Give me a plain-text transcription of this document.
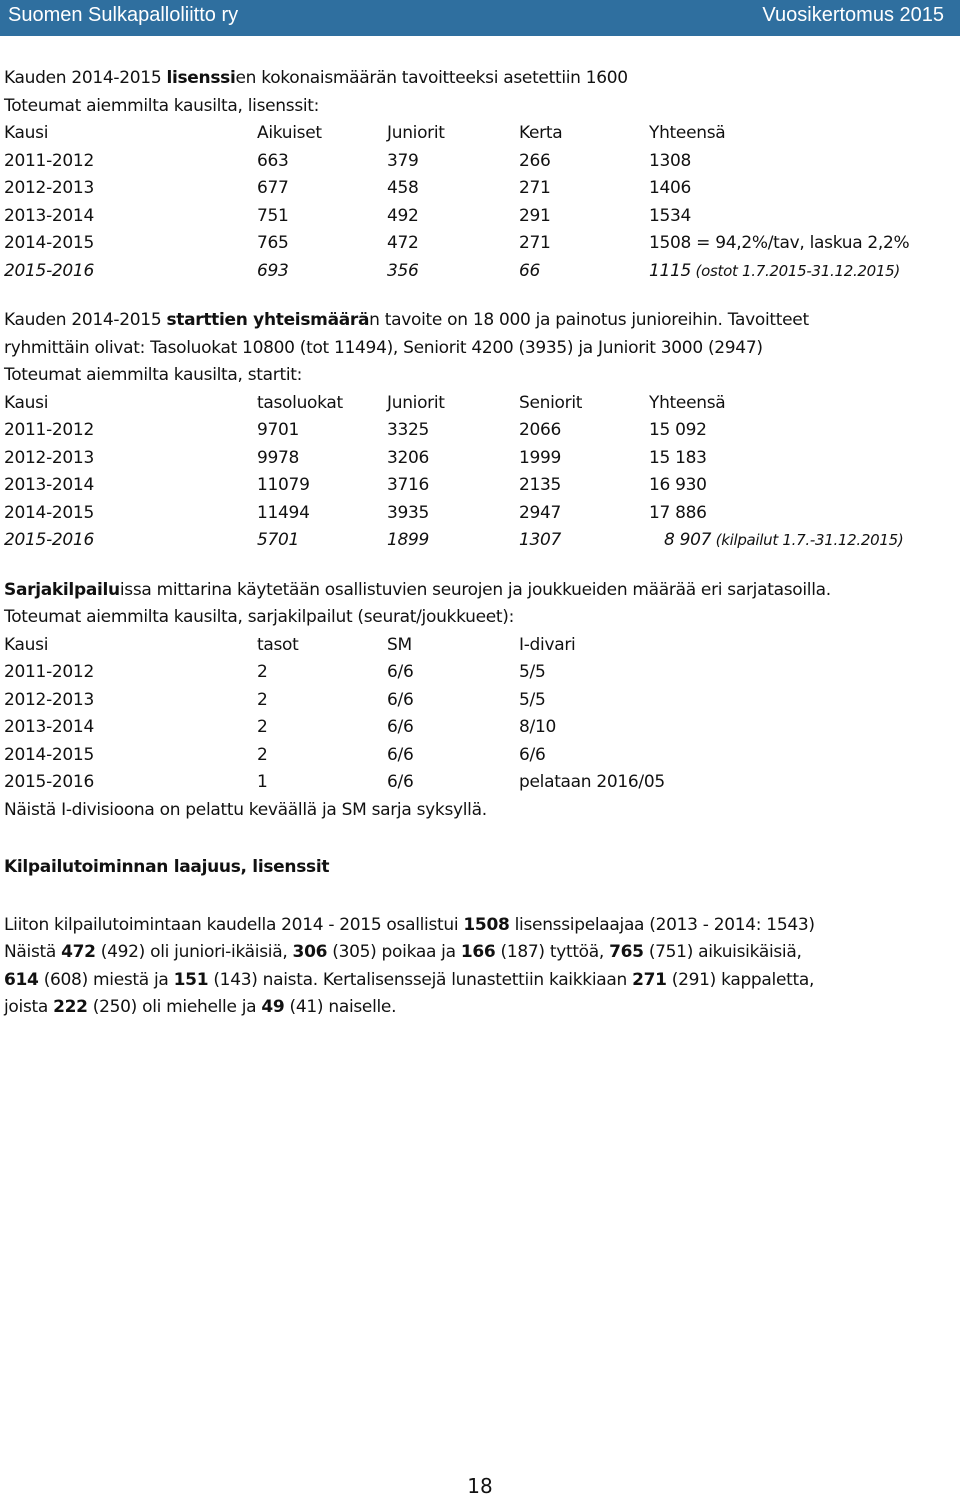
Suomen Sulkapalloliitto ry	Vuosikertomus 2015
Kauden 2014-2015 lisenssien kokonaismäärän tavoitteeksi asetettiin 1600
Toteumat aiemmilta kausilta, lisenssit:
Kausi	Aikuiset	Juniorit	Kerta	Yhteensä
2011-2012	663	379	266	1308
2012-2013	677	458	271	1406
2013-2014	751	492	291	1534
2014-2015	765	472	271	1508 = 94,2%/tav, laskua 2,2%
2015-2016	693	356	66	1115 (ostot 1.7.2015-31.12.2015)
Kauden 2014-2015 starttien yhteismäärän tavoite on 18 000 ja painotus junioreihin. Tavoitteet
ryhmittäin olivat: Tasoluokat 10800 (tot 11494), Seniorit 4200 (3935) ja Juniorit 3000 (2947)
Toteumat aiemmilta kausilta, startit:
Kausi	tasoluokat	Juniorit	Seniorit	Yhteensä
2011-2012	9701	3325	2066	15 092
2012-2013	9978	3206	1999	15 183
2013-2014	11079	3716	2135	16 930
2014-2015	11494	3935	2947	17 886
2015-2016	5701	1899	1307	8 907 (kilpailut 1.7.-31.12.2015)
Sarjakilpailuissa mittarina käytetään osallistuvien seurojen ja joukkueiden määrää eri sarjatasoilla.
Toteumat aiemmilta kausilta, sarjakilpailut (seurat/joukkueet):
Kausi	tasot	SM	I-divari
2011-2012	2	6/6	5/5
2012-2013	2	6/6	5/5
2013-2014	2	6/6	8/10
2014-2015	2	6/6	6/6
2015-2016	1	6/6	pelataan 2016/05
Näistä I-divisioona on pelattu keväällä ja SM sarja syksyllä.
Kilpailutoiminnan laajuus, lisenssit
Liiton kilpailutoimintaan kaudella 2014 - 2015 osallistui 1508 lisenssipelaajaa (2013 - 2014: 1543)
Näistä 472 (492) oli juniori-ikäisiä, 306 (305) poikaa ja 166 (187) tyttöä, 765 (751) aikuisikäisiä,
614 (608) miestä ja 151 (143) naista. Kertalisenssejä lunastettiin kaikkiaan 271 (291) kappaletta,
joista 222 (250) oli miehelle ja 49 (41) naiselle.
18
